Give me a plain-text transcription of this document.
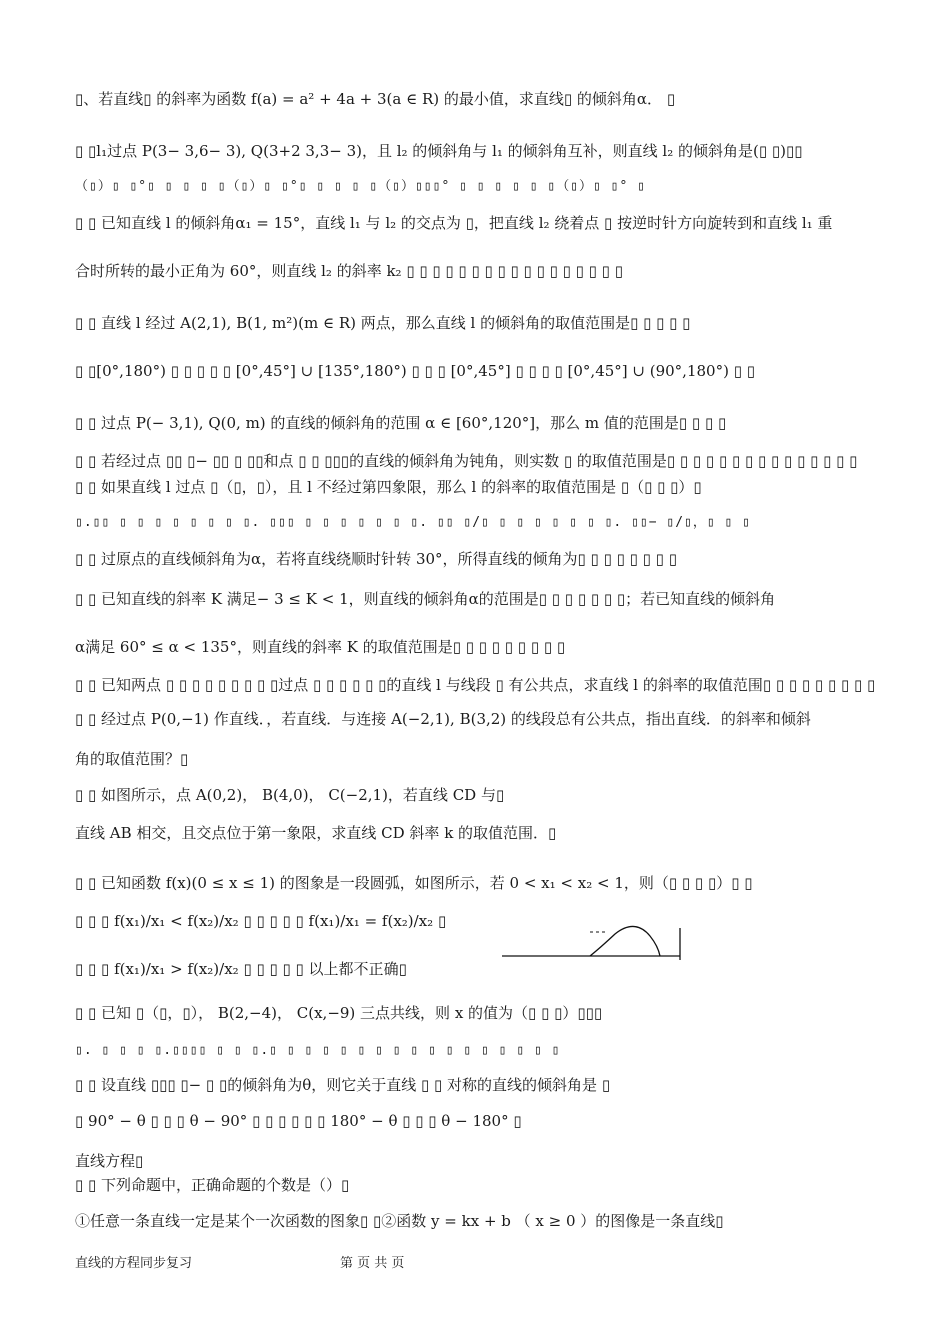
▯、若直线▯ 的斜率为函数 f(a) = a² + 4a + 3(a ∈ R) 的最小值，求直线▯ 的倾斜角α． ▯
▯ ▯l₁过点 P(3− 3,6− 3), Q(3+2 3,3− 3)，且 l₂ 的倾斜角与 l₁ 的倾斜角互补，则直线 l₂ 的倾斜角是(▯ ▯)▯▯
（▯）▯ ▯°▯ ▯ ▯ ▯ ▯（▯）▯ ▯°▯ ▯ ▯ ▯ ▯（▯）▯▯▯° ▯ ▯ ▯ ▯ ▯ ▯（▯）▯ ▯° ▯
▯ ▯ 已知直线 l 的倾斜角α₁ = 15°，直线 l₁ 与 l₂ 的交点为 ▯，把直线 l₂ 绕着点 ▯ 按逆时针方向旋转到和直线 l₁ 重
合时所转的最小正角为 60°，则直线 l₂ 的斜率 k₂ ▯ ▯ ▯ ▯ ▯ ▯ ▯ ▯ ▯ ▯ ▯ ▯ ▯ ▯ ▯ ▯ ▯
▯ ▯ 直线 l 经过 A(2,1), B(1, m²)(m ∈ R) 两点，那么直线 l 的倾斜角的取值范围是▯ ▯ ▯ ▯ ▯
▯ ▯[0°,180°) ▯ ▯ ▯ ▯ ▯ [0°,45°] ∪ [135°,180°) ▯ ▯ ▯ [0°,45°] ▯ ▯ ▯ ▯ [0°,45°] ∪ (90°,180°) ▯ ▯
▯ ▯ 过点 P(− 3,1), Q(0, m) 的直线的倾斜角的范围 α ∈ [60°,120°]，那么 m 值的范围是▯ ▯ ▯ ▯
▯ ▯ 若经过点 ▯▯ ▯− ▯▯ ▯ ▯▯和点 ▯ ▯ ▯▯▯的直线的倾斜角为钝角，则实数 ▯ 的取值范围是▯ ▯ ▯ ▯ ▯ ▯ ▯ ▯ ▯ ▯ ▯ ▯ ▯ ▯ ▯
▯ ▯ 如果直线 l 过点 ▯（▯，▯），且 l 不经过第四象限，那么 l 的斜率的取值范围是 ▯（▯ ▯ ▯）▯
▯.▯▯ ▯ ▯ ▯ ▯ ▯ ▯ ▯ ▯. ▯▯▯ ▯ ▯ ▯ ▯ ▯ ▯ ▯. ▯▯ ▯/▯ ▯ ▯ ▯ ▯ ▯ ▯ ▯. ▯▯− ▯/▯，▯ ▯ ▯
▯ ▯ 过原点的直线倾斜角为α，若将直线绕顺时针转 30°，所得直线的倾角为▯ ▯ ▯ ▯ ▯ ▯ ▯ ▯
▯ ▯ 已知直线的斜率 K 满足− 3 ≤ K < 1，则直线的倾斜角α的范围是▯ ▯ ▯ ▯ ▯ ▯ ▯；若已知直线的倾斜角
α满足 60° ≤ α < 135°，则直线的斜率 K 的取值范围是▯ ▯ ▯ ▯ ▯ ▯ ▯ ▯ ▯
▯ ▯ 已知两点 ▯ ▯ ▯ ▯ ▯ ▯ ▯ ▯ ▯过点 ▯ ▯ ▯ ▯ ▯ ▯的直线 l 与线段 ▯ 有公共点，求直线 l 的斜率的取值范围▯ ▯ ▯ ▯ ▯ ▯ ▯ ▯ ▯
▯ ▯ 经过点 P(0,−1) 作直线．，若直线．与连接 A(−2,1), B(3,2) 的线段总有公共点，指出直线．的斜率和倾斜
角的取值范围？▯
▯ ▯ 如图所示，点 A(0,2)， B(4,0)， C(−2,1)，若直线 CD 与▯
直线 AB 相交，且交点位于第一象限，求直线 CD 斜率 k 的取值范围．▯
▯ ▯ 已知函数 f(x)(0 ≤ x ≤ 1) 的图象是一段圆弧，如图所示，若 0 < x₁ < x₂ < 1，则（▯ ▯ ▯ ▯）▯ ▯
▯ ▯ ▯ f(x₁)/x₁ < f(x₂)/x₂ ▯ ▯ ▯ ▯ ▯ f(x₁)/x₁ = f(x₂)/x₂ ▯
▯ ▯ ▯ f(x₁)/x₁ > f(x₂)/x₂ ▯ ▯ ▯ ▯ ▯ 以上都不正确▯
▯ ▯ 已知 ▯（▯，▯）， B(2,−4)， C(x,−9) 三点共线，则 x 的值为（▯ ▯ ▯）▯▯▯
▯. ▯ ▯ ▯ ▯.▯▯▯▯ ▯ ▯ ▯.▯ ▯ ▯ ▯ ▯ ▯ ▯ ▯ ▯ ▯ ▯ ▯ ▯ ▯ ▯ ▯ ▯
▯ ▯ 设直线 ▯▯▯ ▯− ▯ ▯的倾斜角为θ，则它关于直线 ▯ ▯ 对称的直线的倾斜角是 ▯
▯ 90° − θ ▯ ▯ ▯ θ − 90° ▯ ▯ ▯ ▯ ▯ ▯ 180° − θ ▯ ▯ ▯ θ − 180° ▯
直线方程▯
▯ ▯ 下列命题中，正确命题的个数是（）▯
①任意一条直线一定是某个一次函数的图象▯ ▯②函数 y = kx + b （ x ≥ 0 ）的图像是一条直线▯
直线的方程同步复习	第 页 共 页
